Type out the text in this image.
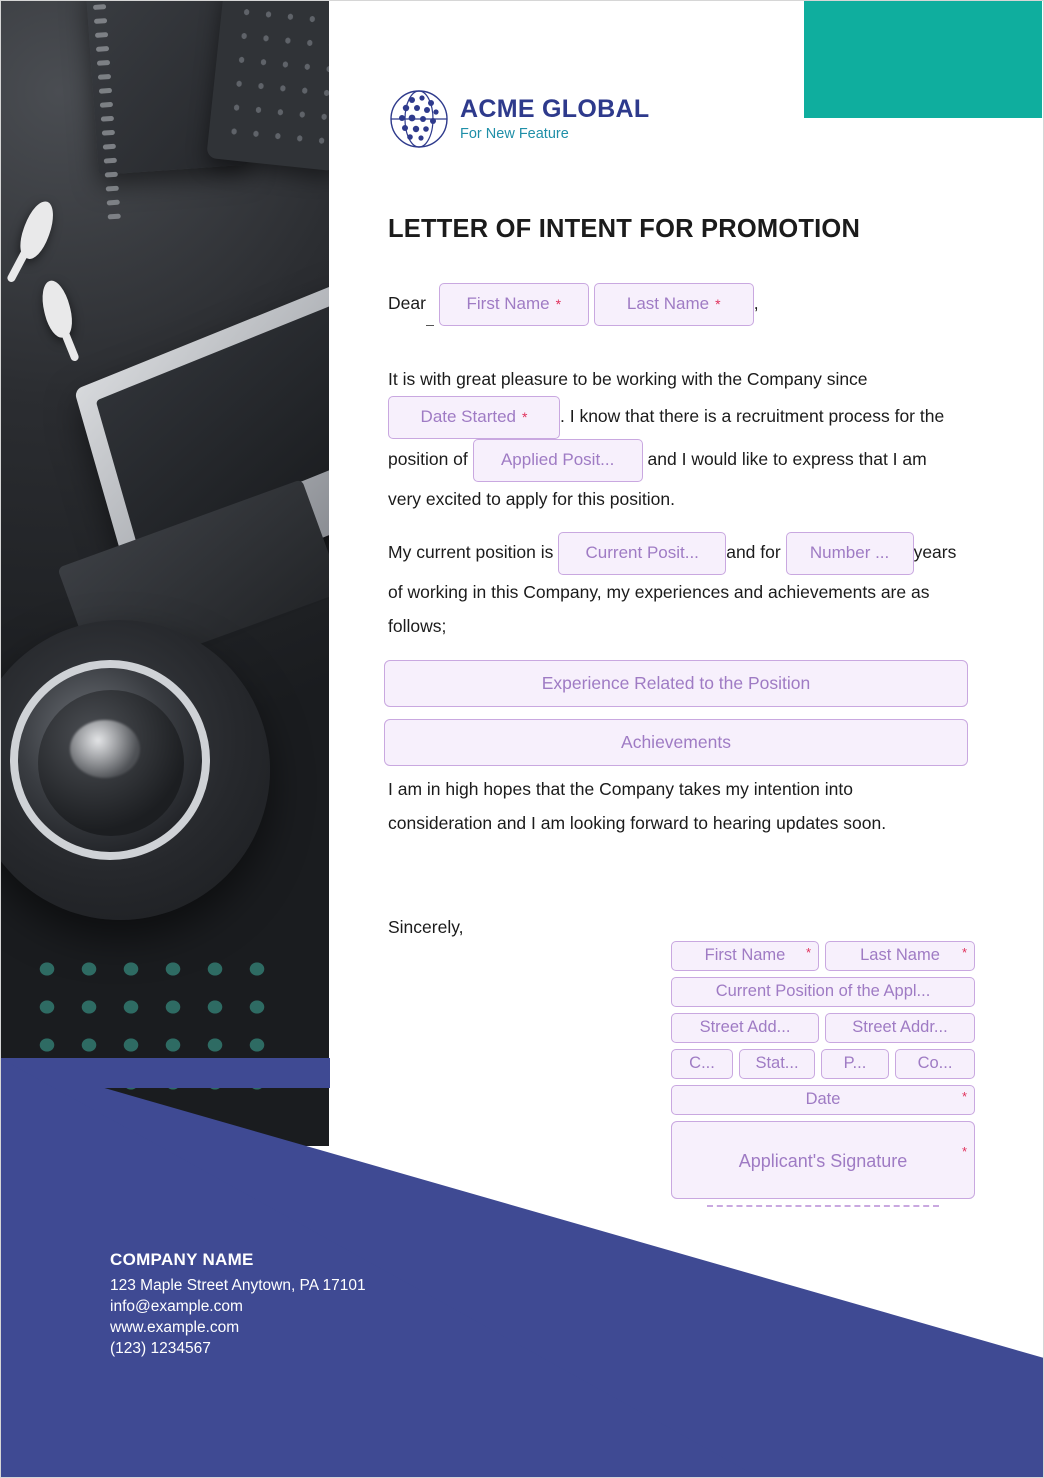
ACME GLOBAL
For New Feature
LETTER OF INTENT FOR PROMOTION
Dear First Name *	Last Name * ,
It is with great pleasure to be working with the Company since Date Started * . I know that there is a recruitment process for the position of Applied Posit... and I would like to express that I am very excited to apply for this position.
My current position is Current Posit... and for Number ... years of working in this Company, my experiences and achievements are as follows;
Experience Related to the Position
Achievements
I am in high hopes that the Company takes my intention into consideration and I am looking forward to hearing updates soon.
Sincerely,
First Name *	Last Name *
Current Position of the Appl...
Street Add...	Street Addr...
C...	Stat...	P...	Co...
Date	*
Applicant's Signature	*
COMPANY NAME
123 Maple Street Anytown, PA 17101
info@example.com
www.example.com
(123) 1234567
